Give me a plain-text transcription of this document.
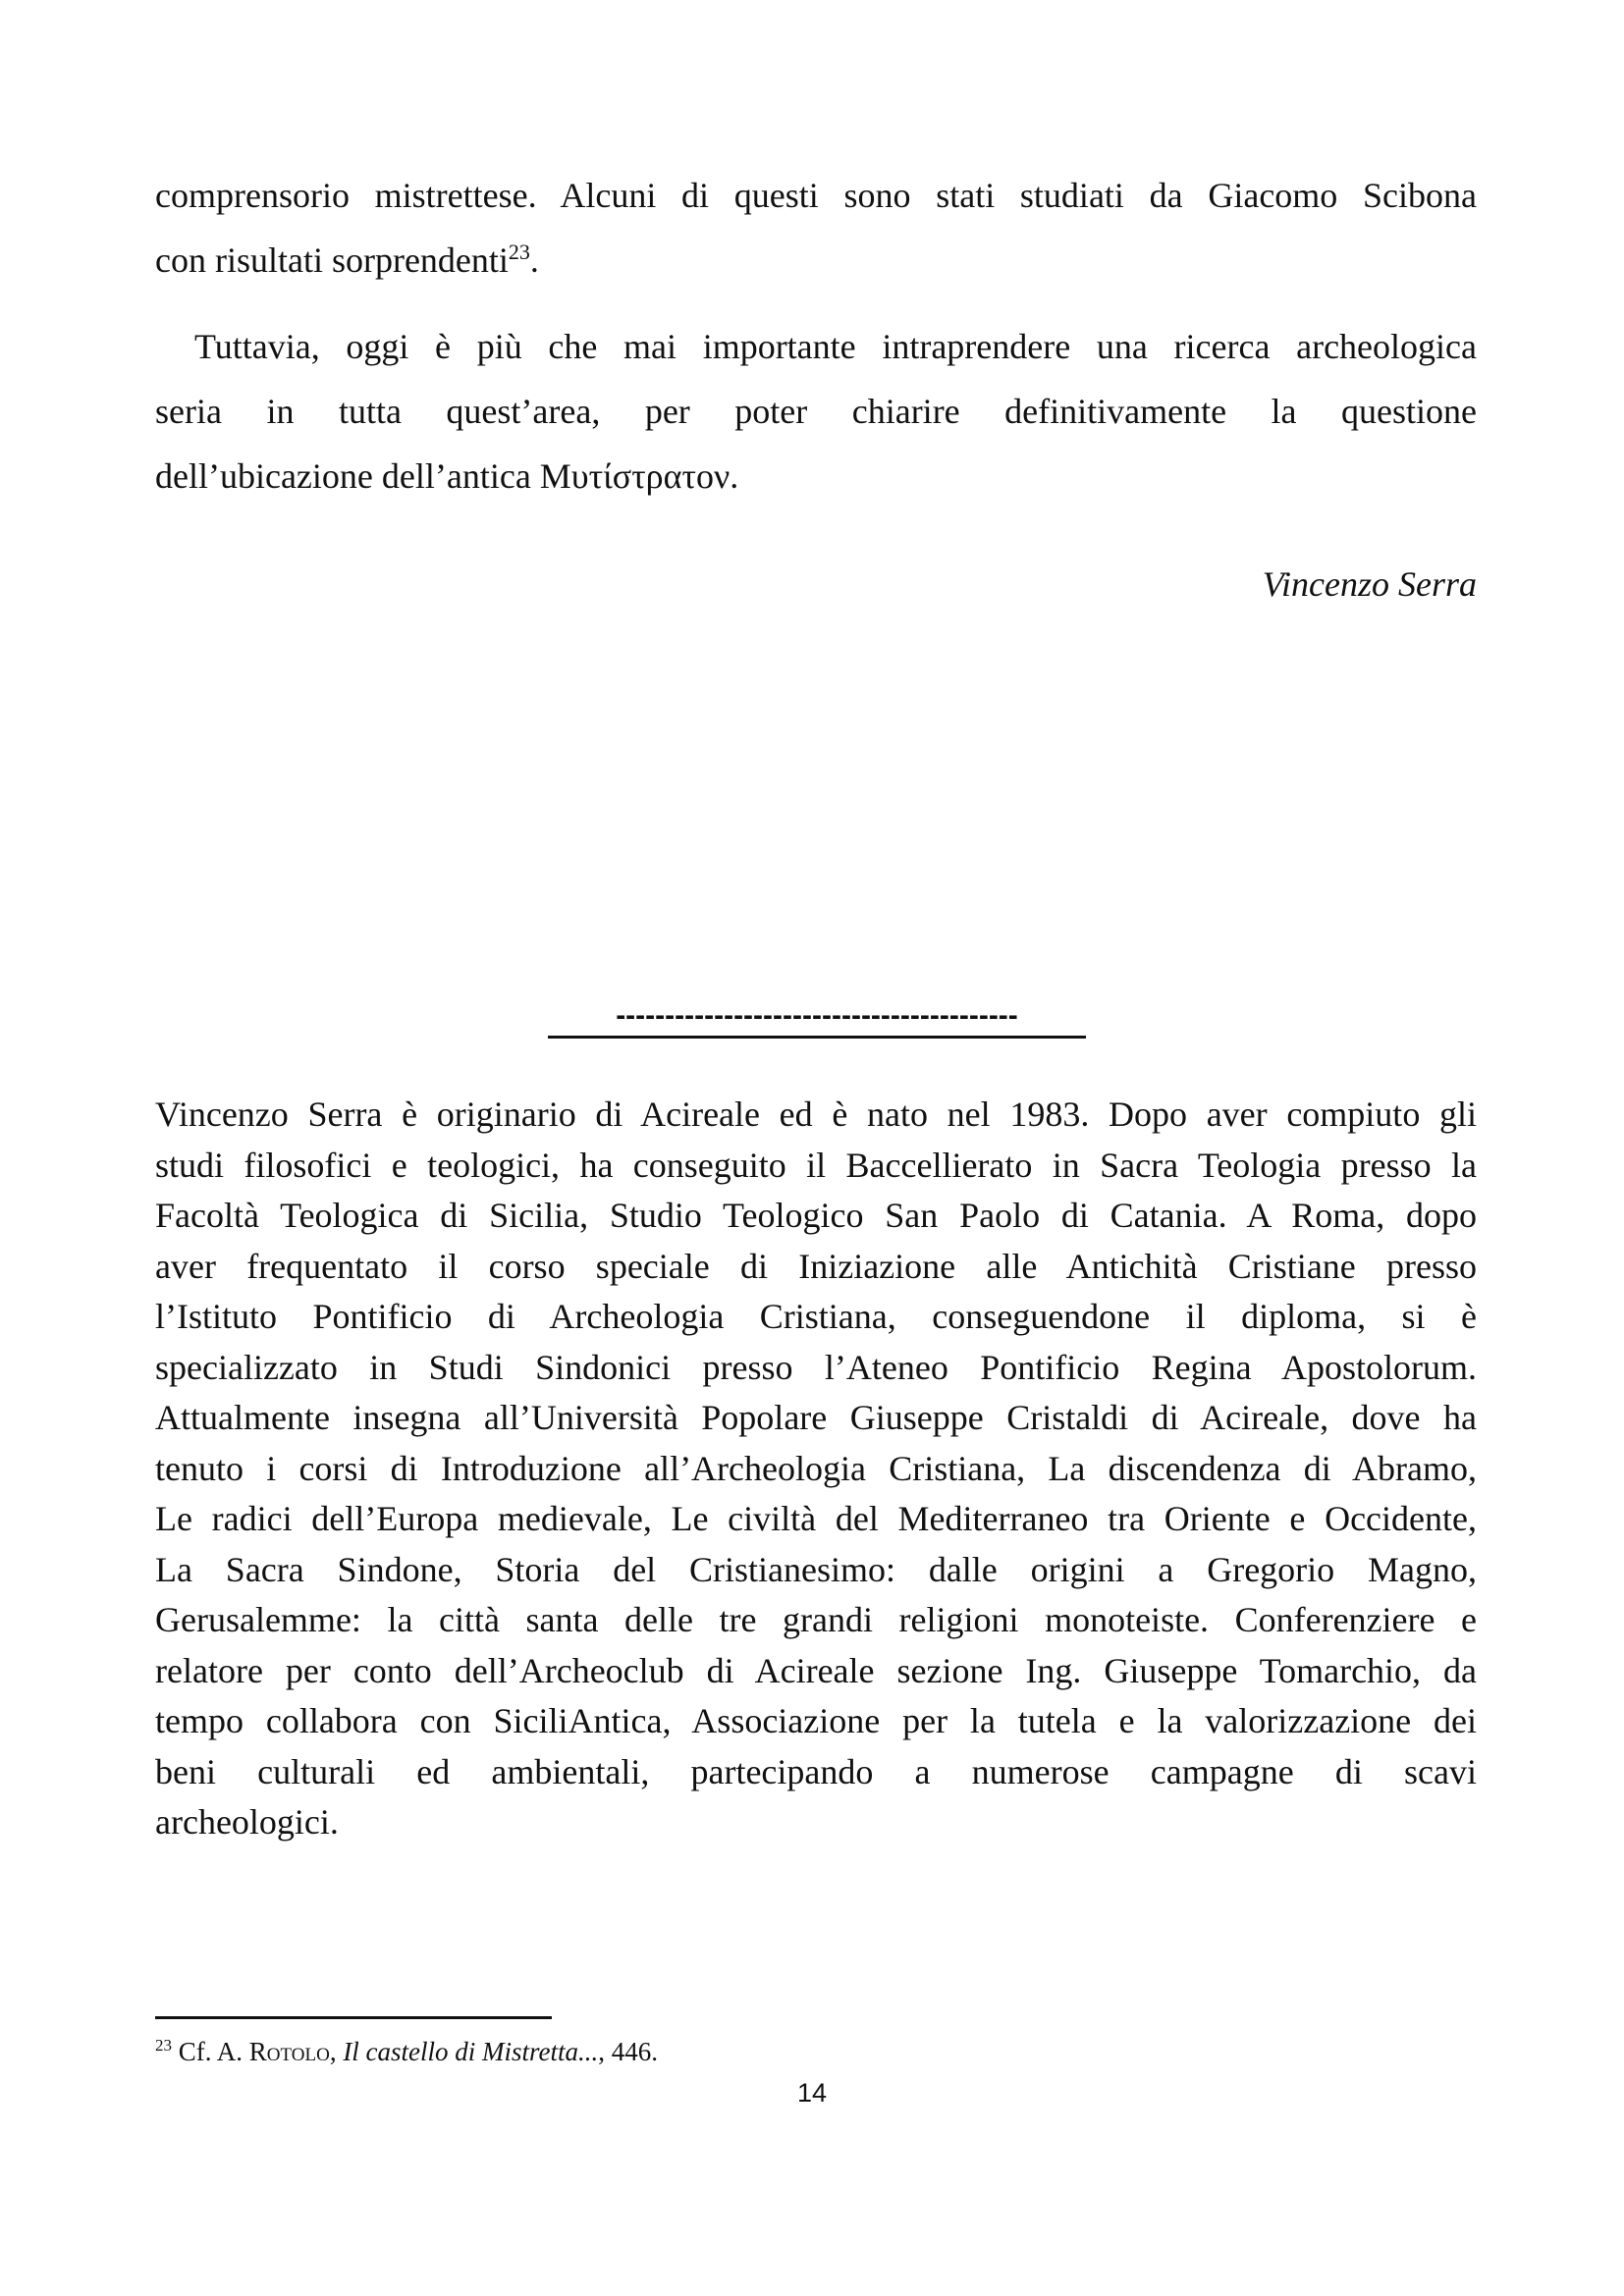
comprensorio mistrettese. Alcuni di questi sono stati studiati da Giacomo Scibona
con risultati sorprendenti$^{23}$.

Tuttavia, oggi è più che mai importante intraprendere una ricerca archeologica
seria in tutta quest’area, per poter chiarire definitivamente la questione
dell’ubicazione dell’antica Μυτίστρατον.

Vincenzo Serra

-----------------------------------------
Vincenzo Serra è originario di Acireale ed è nato nel 1983. Dopo aver compiuto gli
studi filosofici e teologici, ha conseguito il Baccellierato in Sacra Teologia presso la
Facoltà Teologica di Sicilia, Studio Teologico San Paolo di Catania. A Roma, dopo
aver frequentato il corso speciale di Iniziazione alle Antichità Cristiane presso
l’Istituto Pontificio di Archeologia Cristiana, conseguendone il diploma, si è
specializzato in Studi Sindonici presso l’Ateneo Pontificio Regina Apostolorum.
Attualmente insegna all’Università Popolare Giuseppe Cristaldi di Acireale, dove ha
tenuto i corsi di Introduzione all’Archeologia Cristiana, La discendenza di Abramo,
Le radici dell’Europa medievale, Le civiltà del Mediterraneo tra Oriente e Occidente,
La Sacra Sindone, Storia del Cristianesimo: dalle origini a Gregorio Magno,
Gerusalemme: la città santa delle tre grandi religioni monoteiste. Conferenziere e
relatore per conto dell’Archeoclub di Acireale sezione Ing. Giuseppe Tomarchio, da
tempo collabora con SiciliAntica, Associazione per la tutela e la valorizzazione dei
beni culturali ed ambientali, partecipando a numerose campagne di scavi
archeologici.

$^{23}$ Cf. A. Rotolo, Il castello di Mistretta..., 446.

14
